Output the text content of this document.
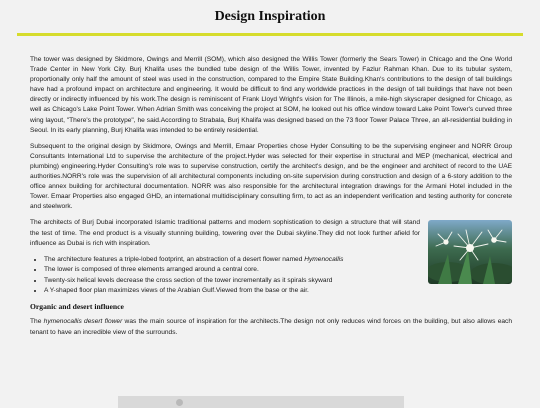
Design Inspiration

The tower was designed by Skidmore, Owings and Merrill (SOM), which also designed the Willis Tower (formerly the Sears Tower) in Chicago and the One World Trade Center in New York City. Burj Khalifa uses the bundled tube design of the Willis Tower, invented by Fazlur Rahman Khan. Due to its tubular system, proportionally only half the amount of steel was used in the construction, compared to the Empire State Building.Khan's contributions to the design of tall buildings have had a profound impact on architecture and engineering. It would be difficult to find any worldwide practices in the design of tall buildings that have not been directly or indirectly influenced by his work.The design is reminiscent of Frank Lloyd Wright's vision for The Illinois, a mile-high skyscraper designed for Chicago, as well as Chicago's Lake Point Tower. When Adrian Smith was conceiving the project at SOM, he looked out his office window toward Lake Point Tower's curved three wing layout, "There's the prototype", he said.According to Strabala, Burj Khalifa was designed based on the 73 floor Tower Palace Three, an all-residential building in Seoul. In its early planning, Burj Khalifa was intended to be entirely residential.

Subsequent to the original design by Skidmore, Owings and Merrill, Emaar Properties chose Hyder Consulting to be the supervising engineer and NORR Group Consultants International Ltd to supervise the architecture of the project.Hyder was selected for their expertise in structural and MEP (mechanical, electrical and plumbing) engineering.Hyder Consulting's role was to supervise construction, certify the architect's design, and be the engineer and architect of record to the UAE authorities.NORR's role was the supervision of all architectural components including on-site supervision during construction and design of a 6-story addition to the office annex building for architectural documentation. NORR was also responsible for the architectural integration drawings for the Armani Hotel included in the Tower. Emaar Properties also engaged GHD, an international multidisciplinary consulting firm, to act as an independent verification and testing authority for concrete and steelwork.

The architects of Burj Dubai incorporated Islamic traditional patterns and modern sophistication to design a structure that will stand the test of time. The end product is a visually stunning building, towering over the Dubai skyline.They did not look further afield for influence as Dubai is rich with inspiration.

• The architecture features a triple-lobed footprint, an abstraction of a desert flower named Hymenocallis
• The lower is composed of three elements arranged around a central core.
• Twenty-six helical levels decrease the cross section of the tower incrementally as it spirals skyward
• A Y-shaped floor plan maximizes views of the Arabian Gulf.Viewed from the base or the air.
Organic and desert influence

The hymenocallis desert flower was the main source of inspiration for the architects.The design not only reduces wind forces on the building, but also allows each tenant to have an incredible view of the surrounds.
